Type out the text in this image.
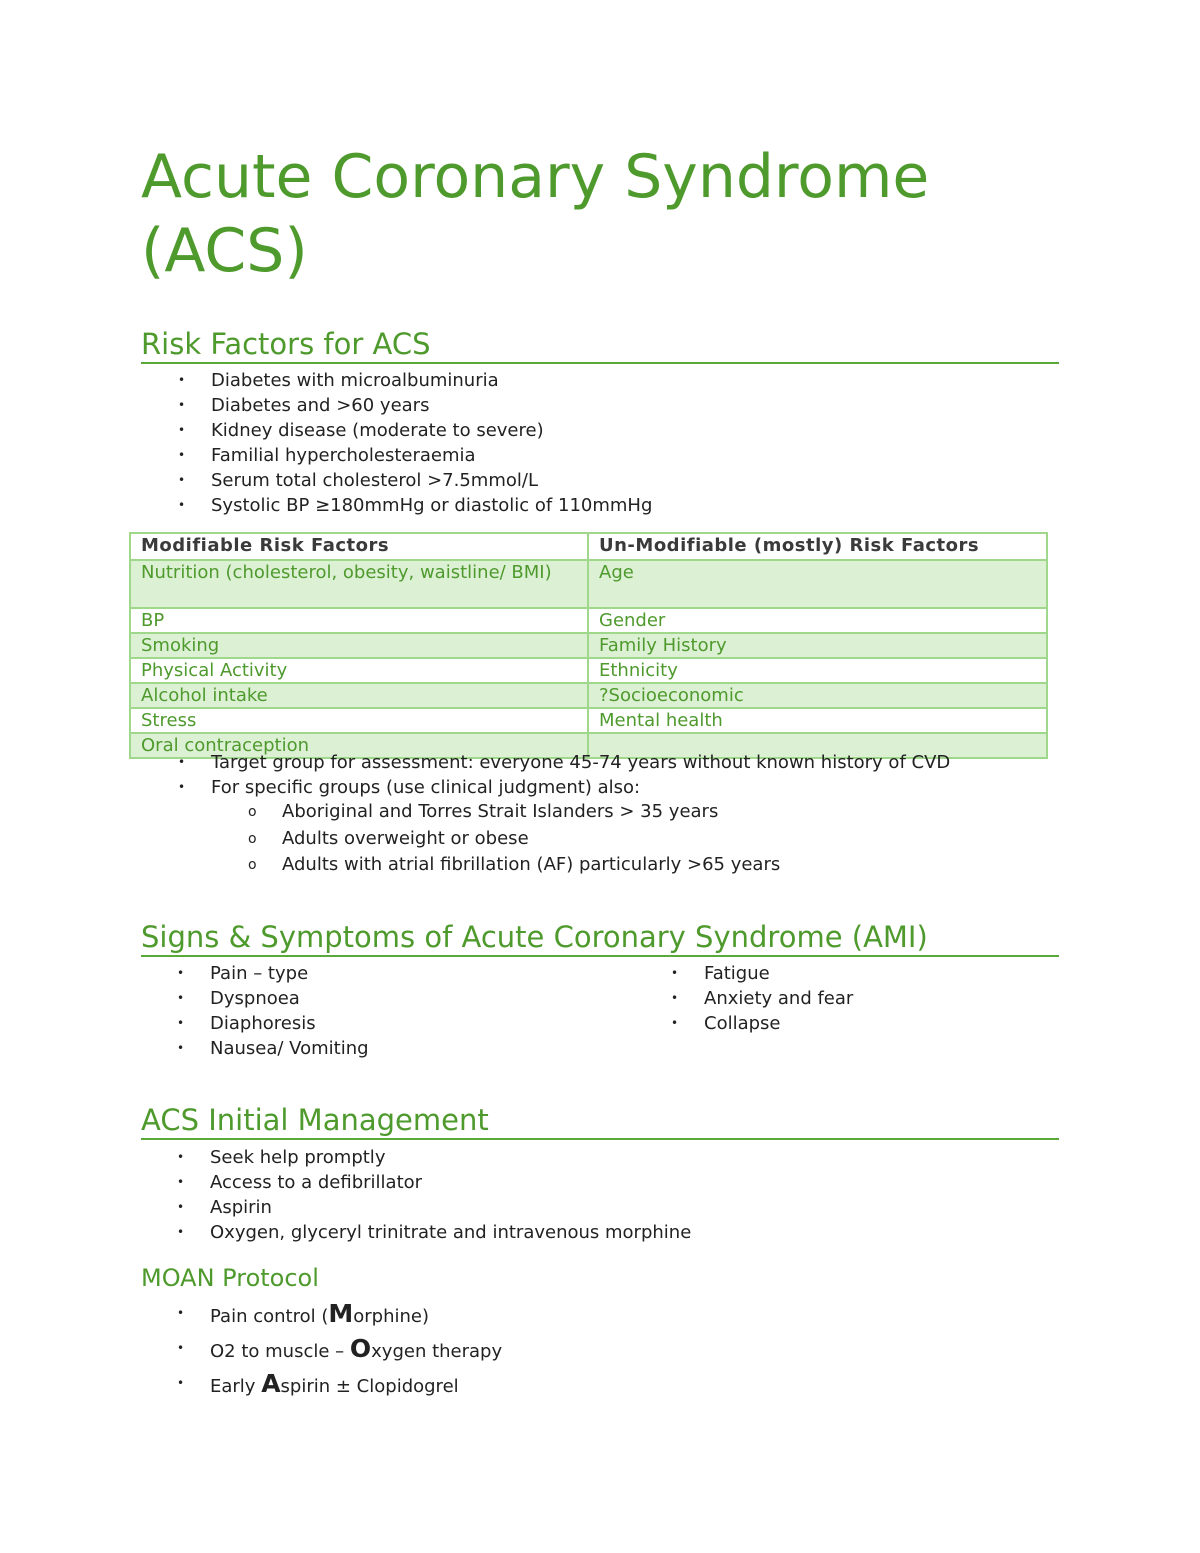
Acute Coronary Syndrome (ACS)
Risk Factors for ACS
• Diabetes with microalbuminuria
• Diabetes and >60 years
• Kidney disease (moderate to severe)
• Familial hypercholesteraemia
• Serum total cholesterol >7.5mmol/L
• Systolic BP ≥180mmHg or diastolic of 110mmHg
Modifiable Risk Factors	Un-Modifiable (mostly) Risk Factors
Nutrition (cholesterol, obesity, waistline/ BMI)	Age
BP	Gender
Smoking	Family History
Physical Activity	Ethnicity
Alcohol intake	?Socioeconomic
Stress	Mental health
Oral contraception	
• Target group for assessment: everyone 45-74 years without known history of CVD
• For specific groups (use clinical judgment) also:
o Aboriginal and Torres Strait Islanders > 35 years
o Adults overweight or obese
o Adults with atrial fibrillation (AF) particularly >65 years
Signs & Symptoms of Acute Coronary Syndrome (AMI)
• Pain – type
• Dyspnoea
• Diaphoresis
• Nausea/ Vomiting
• Fatigue
• Anxiety and fear
• Collapse
ACS Initial Management
• Seek help promptly
• Access to a defibrillator
• Aspirin
• Oxygen, glyceryl trinitrate and intravenous morphine
MOAN Protocol
• Pain control (Morphine)
• O2 to muscle – Oxygen therapy
• Early Aspirin ± Clopidogrel
